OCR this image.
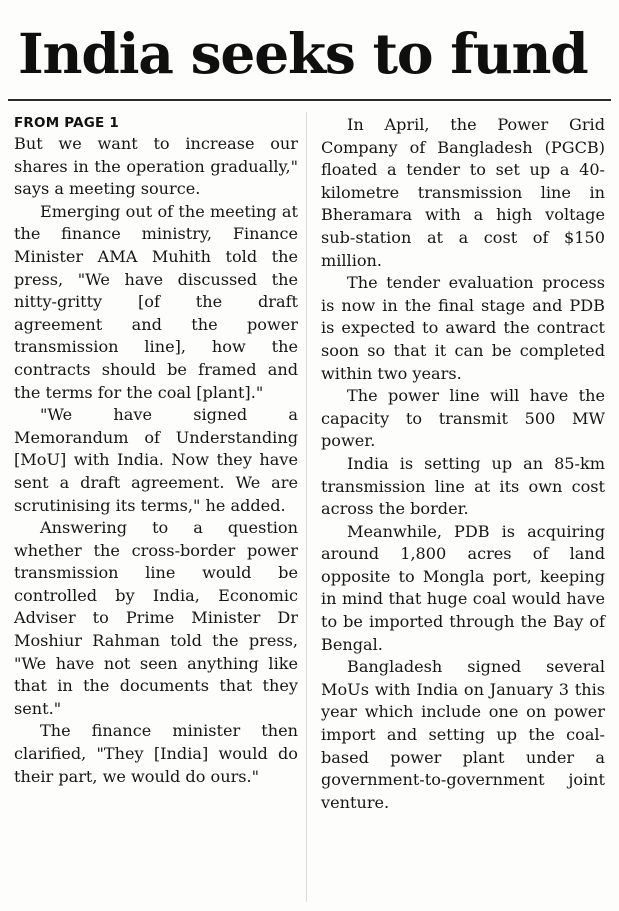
India seeks to fund
FROM PAGE 1

But we want to increase our shares in the operation gradually," says a meeting source.

Emerging out of the meeting at the finance ministry, Finance Minister AMA Muhith told the press, "We have discussed the nitty-gritty [of the draft agreement and the power transmission line], how the contracts should be framed and the terms for the coal [plant]."

"We have signed a Memorandum of Understanding [MoU] with India. Now they have sent a draft agreement. We are scrutinising its terms," he added.

Answering to a question whether the cross-border power transmission line would be controlled by India, Economic Adviser to Prime Minister Dr Moshiur Rahman told the press, "We have not seen anything like that in the documents that they sent."

The finance minister then clarified, "They [India] would do their part, we would do ours."

In April, the Power Grid Company of Bangladesh (PGCB) floated a tender to set up a 40-kilometre transmission line in Bheramara with a high voltage sub-station at a cost of $150 million.

The tender evaluation process is now in the final stage and PDB is expected to award the contract soon so that it can be completed within two years.

The power line will have the capacity to transmit 500 MW power.

India is setting up an 85-km transmission line at its own cost across the border.

Meanwhile, PDB is acquiring around 1,800 acres of land opposite to Mongla port, keeping in mind that huge coal would have to be imported through the Bay of Bengal.

Bangladesh signed several MoUs with India on January 3 this year which include one on power import and setting up the coal-based power plant under a government-to-government joint venture.
